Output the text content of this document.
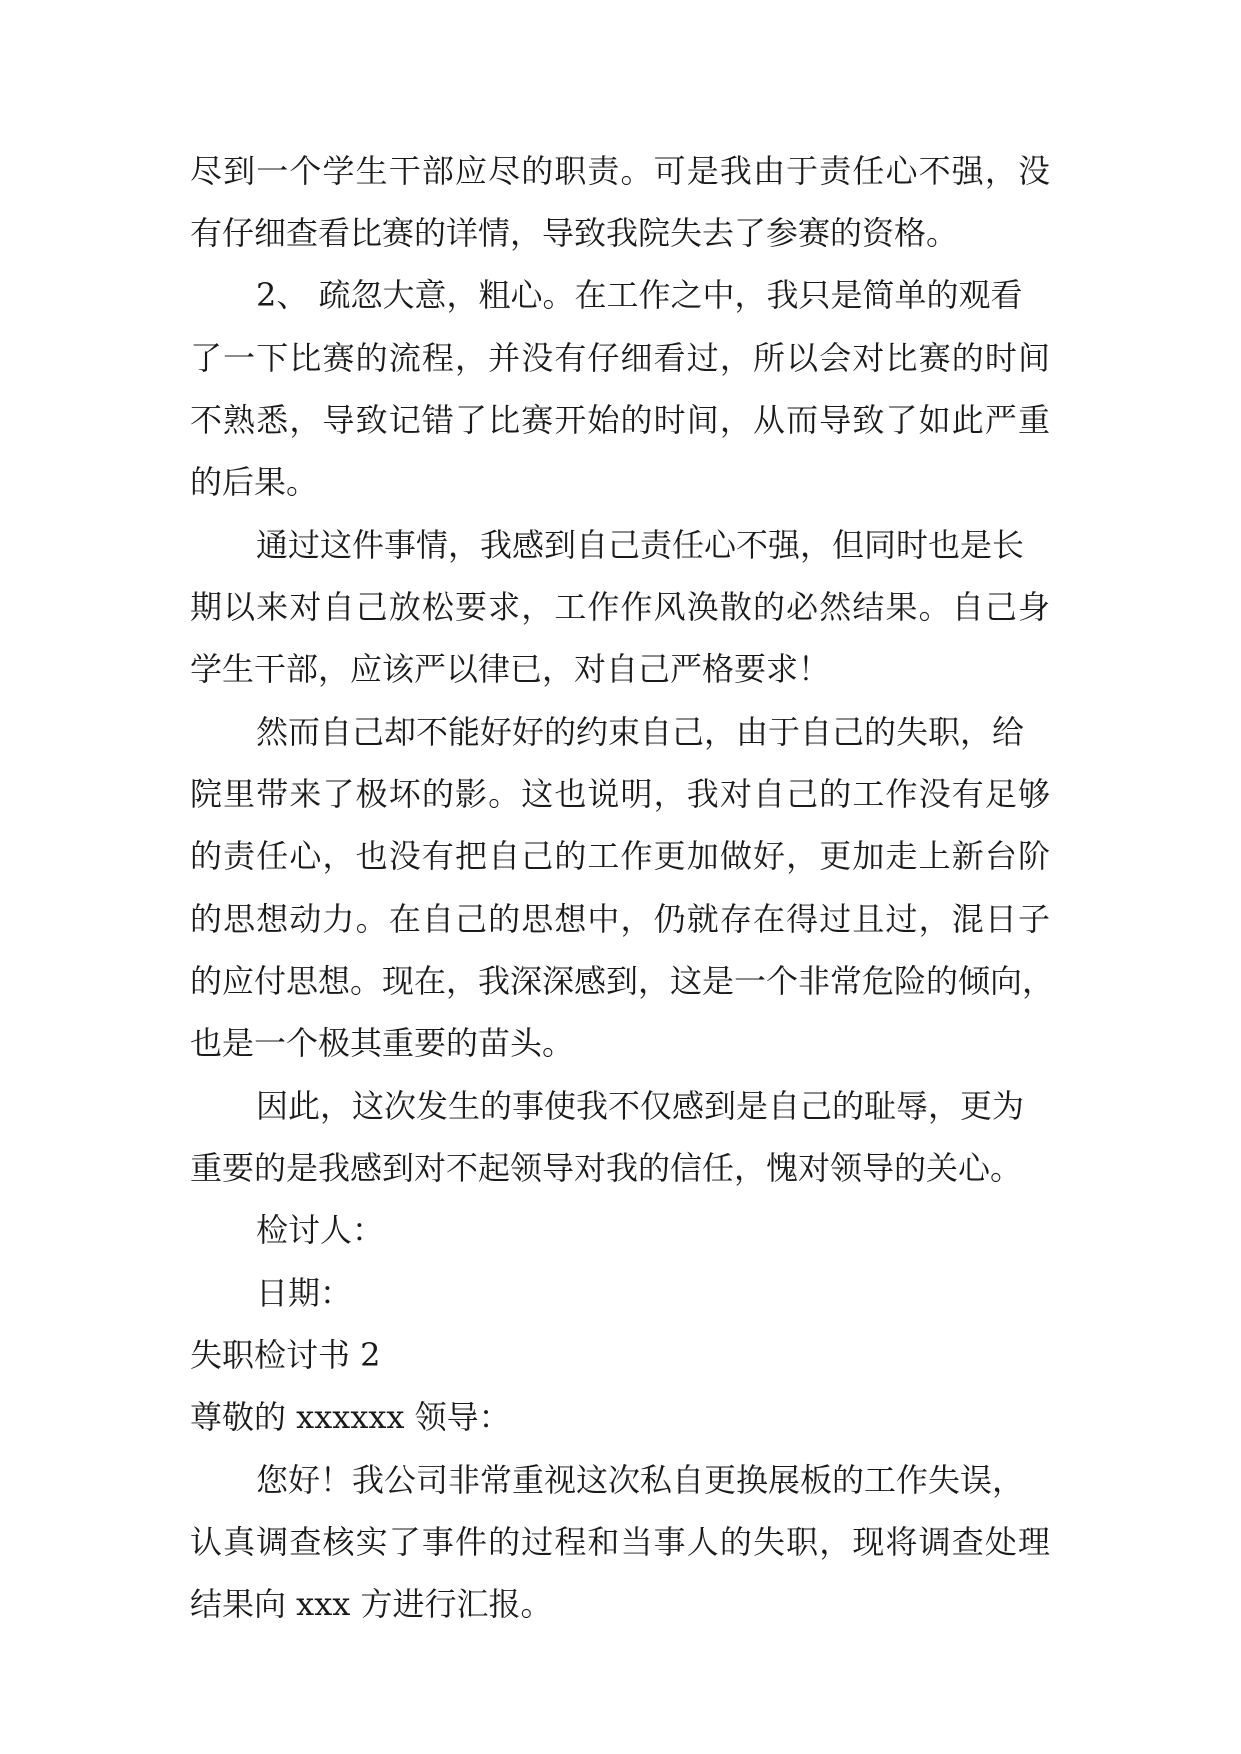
尽到一个学生干部应尽的职责。可是我由于责任心不强，没
有仔细查看比赛的详情，导致我院失去了参赛的资格。
2、 疏忽大意，粗心。在工作之中，我只是简单的观看
了一下比赛的流程，并没有仔细看过，所以会对比赛的时间
不熟悉，导致记错了比赛开始的时间，从而导致了如此严重
的后果。
通过这件事情，我感到自己责任心不强，但同时也是长
期以来对自己放松要求，工作作风涣散的必然结果。自己身
学生干部，应该严以律已，对自己严格要求！
然而自己却不能好好的约束自己，由于自己的失职，给
院里带来了极坏的影。这也说明，我对自己的工作没有足够
的责任心，也没有把自己的工作更加做好，更加走上新台阶
的思想动力。在自己的思想中，仍就存在得过且过，混日子
的应付思想。现在，我深深感到，这是一个非常危险的倾向，
也是一个极其重要的苗头。
因此，这次发生的事使我不仅感到是自己的耻辱，更为
重要的是我感到对不起领导对我的信任，愧对领导的关心。
检讨人：
日期：
失职检讨书 2
尊敬的 xxxxxx 领导：
您好！我公司非常重视这次私自更换展板的工作失误，
认真调查核实了事件的过程和当事人的失职，现将调查处理
结果向 xxx 方进行汇报。
